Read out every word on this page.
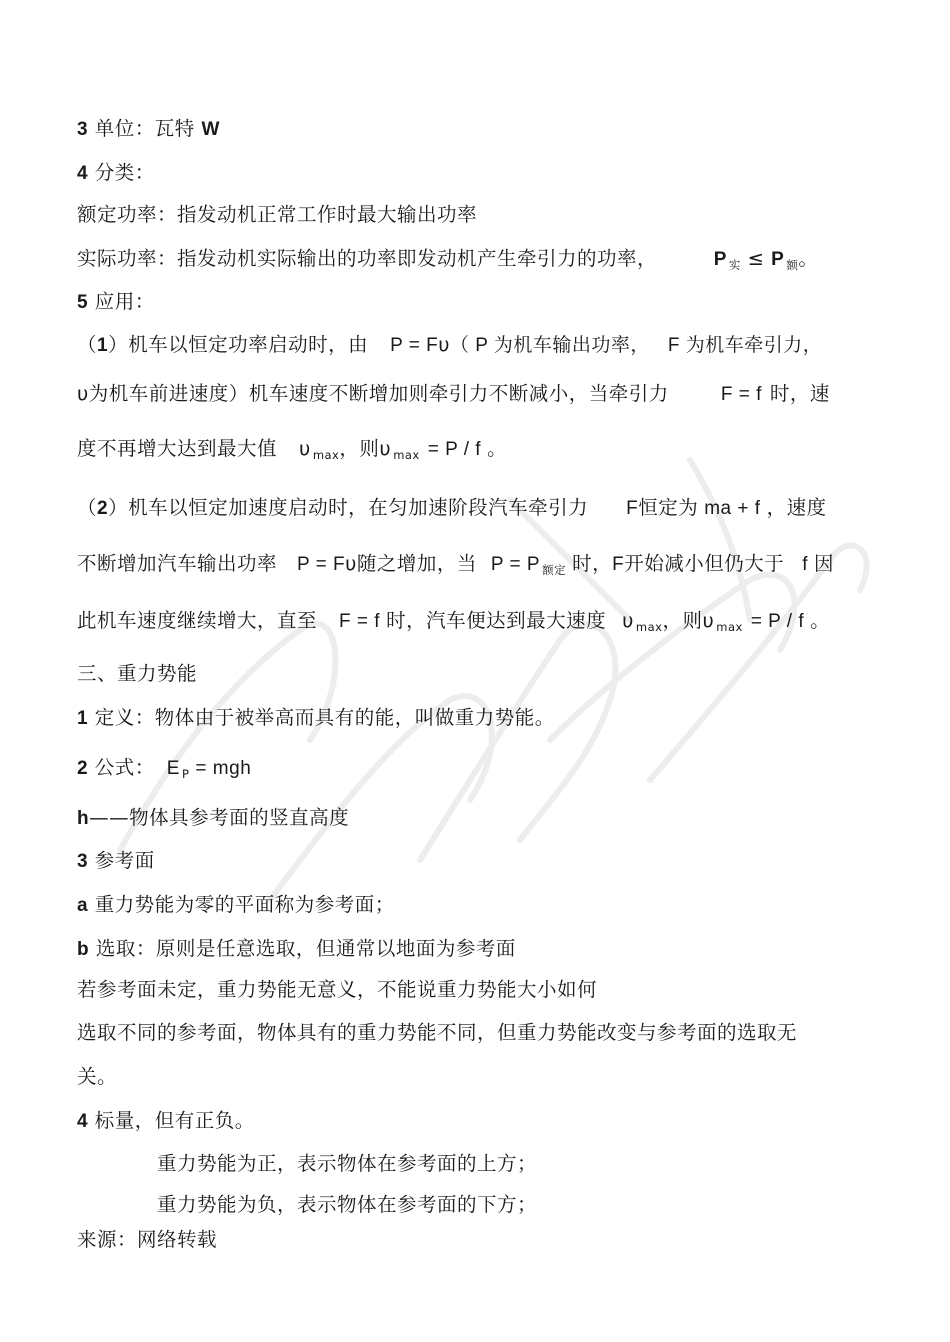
3 单位：瓦特 W
4 分类：
额定功率：指发动机正常工作时最大输出功率
实际功率：指发动机实际输出的功率即发动机产生牵引力的功率，	P $_实$ ≤ P $_额$。
5 应用：
（1）机车以恒定功率启动时，由 P = Fυ（ P 为机车输出功率， F 为机车牵引力，
υ为机车前进速度）机车速度不断增加则牵引力不断减小，当牵引力	F = f 时，速
度不再增大达到最大值 υ $_{max}$，则υ $_{max}$ = P / f 。
（2）机车以恒定加速度启动时，在匀加速阶段汽车牵引力 F恒定为 ma + f ，速度
不断增加汽车输出功率 P = Fυ随之增加，当 P = P $_{额定}$ 时，F开始减小但仍大于 f 因
此机车速度继续增大，直至 F = f 时，汽车便达到最大速度 υ $_{max}$，则υ $_{max}$ = P / f 。
三、重力势能
1 定义：物体由于被举高而具有的能，叫做重力势能。
2 公式： E $_P$ = mgh
h——物体具参考面的竖直高度
3 参考面
a 重力势能为零的平面称为参考面；
b 选取：原则是任意选取，但通常以地面为参考面
若参考面未定，重力势能无意义，不能说重力势能大小如何
选取不同的参考面，物体具有的重力势能不同，但重力势能改变与参考面的选取无
关。
4 标量，但有正负。
重力势能为正，表示物体在参考面的上方；
重力势能为负，表示物体在参考面的下方；
来源：网络转载
